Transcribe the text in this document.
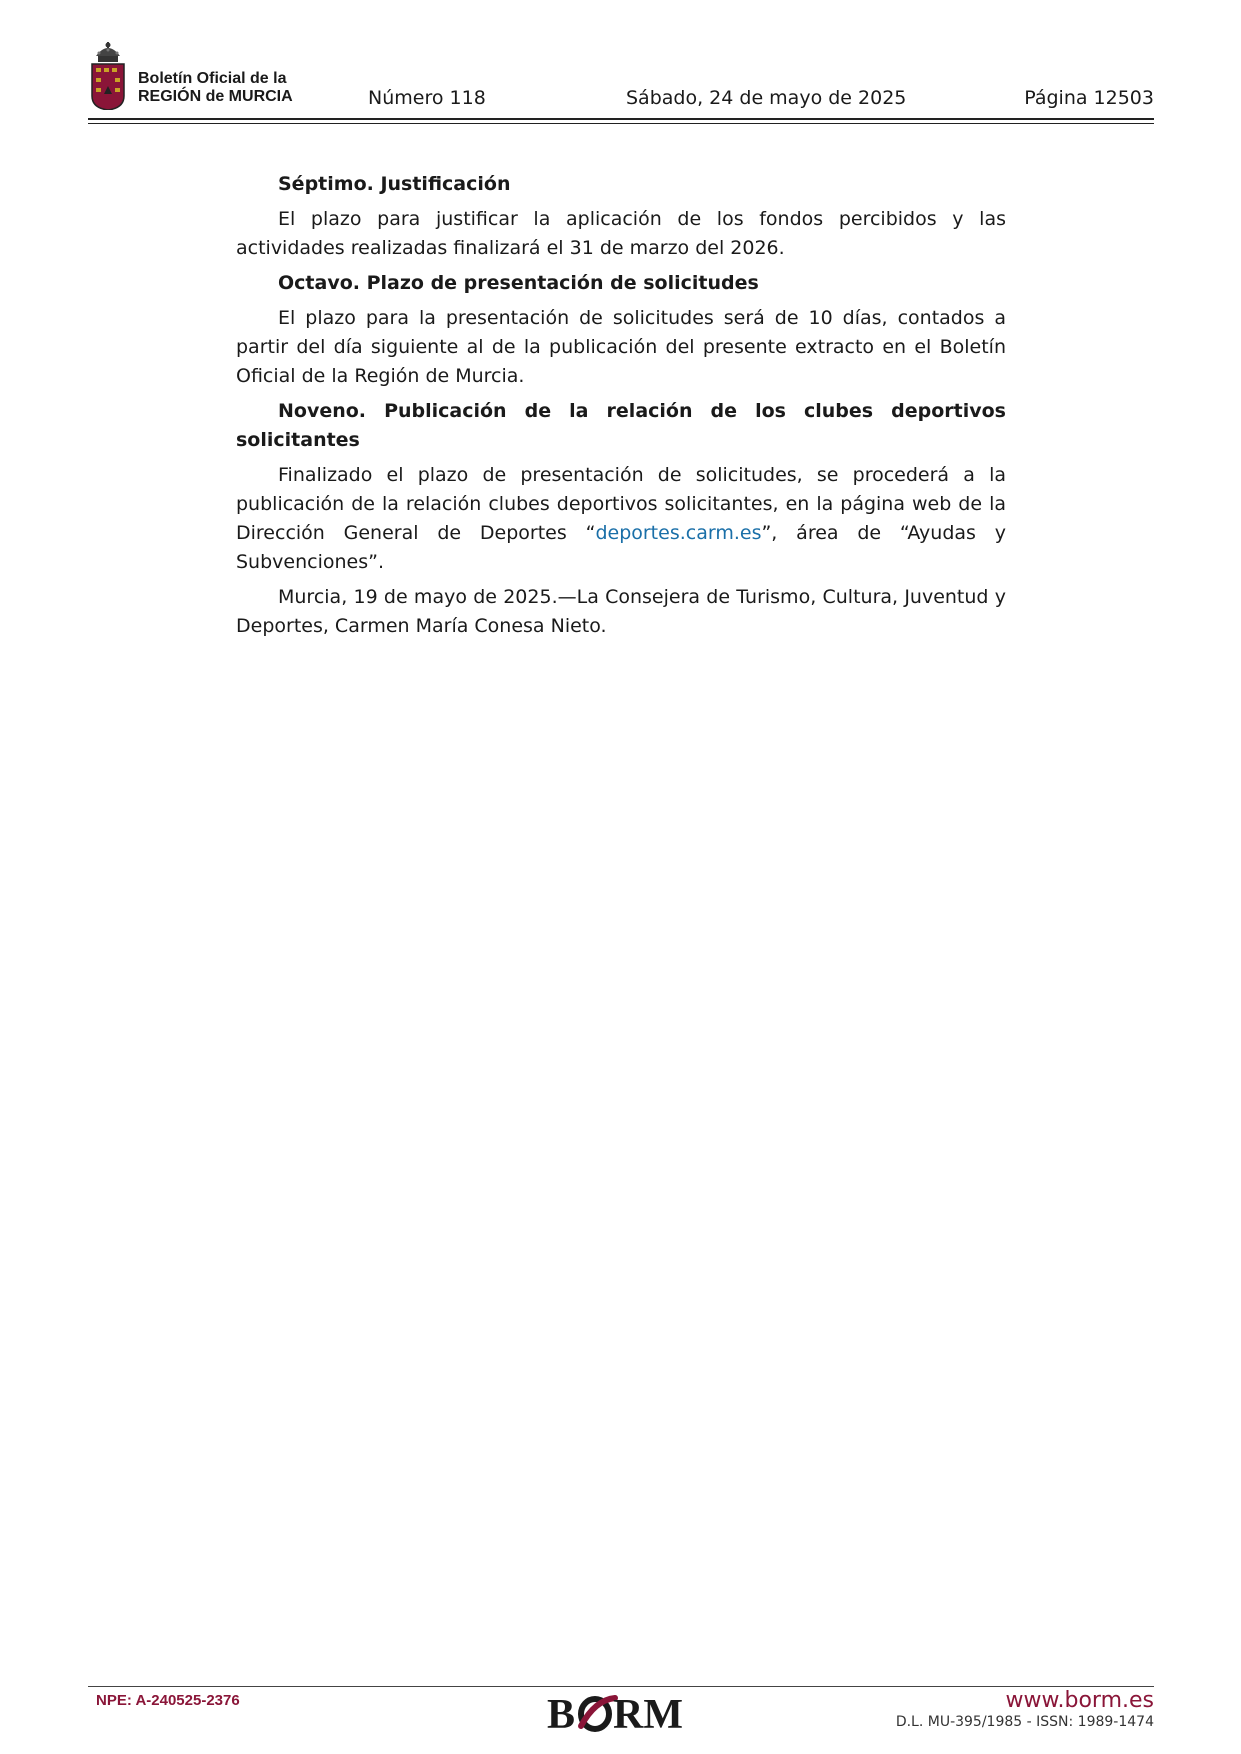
Boletín Oficial de la
REGIÓN de MURCIA	Número 118	Sábado, 24 de mayo de 2025	Página 12503

Séptimo. Justificación

El plazo para justificar la aplicación de los fondos percibidos y las actividades realizadas finalizará el 31 de marzo del 2026.

Octavo. Plazo de presentación de solicitudes

El plazo para la presentación de solicitudes será de 10 días, contados a partir del día siguiente al de la publicación del presente extracto en el Boletín Oficial de la Región de Murcia.

Noveno. Publicación de la relación de los clubes deportivos solicitantes

Finalizado el plazo de presentación de solicitudes, se procederá a la publicación de la relación clubes deportivos solicitantes, en la página web de la Dirección General de Deportes “deportes.carm.es”, área de “Ayudas y Subvenciones”.

Murcia, 19 de mayo de 2025.—La Consejera de Turismo, Cultura, Juventud y Deportes, Carmen María Conesa Nieto.

NPE: A-240525-2376	B RM	www.borm.es
D.L. MU-395/1985 - ISSN: 1989-1474
